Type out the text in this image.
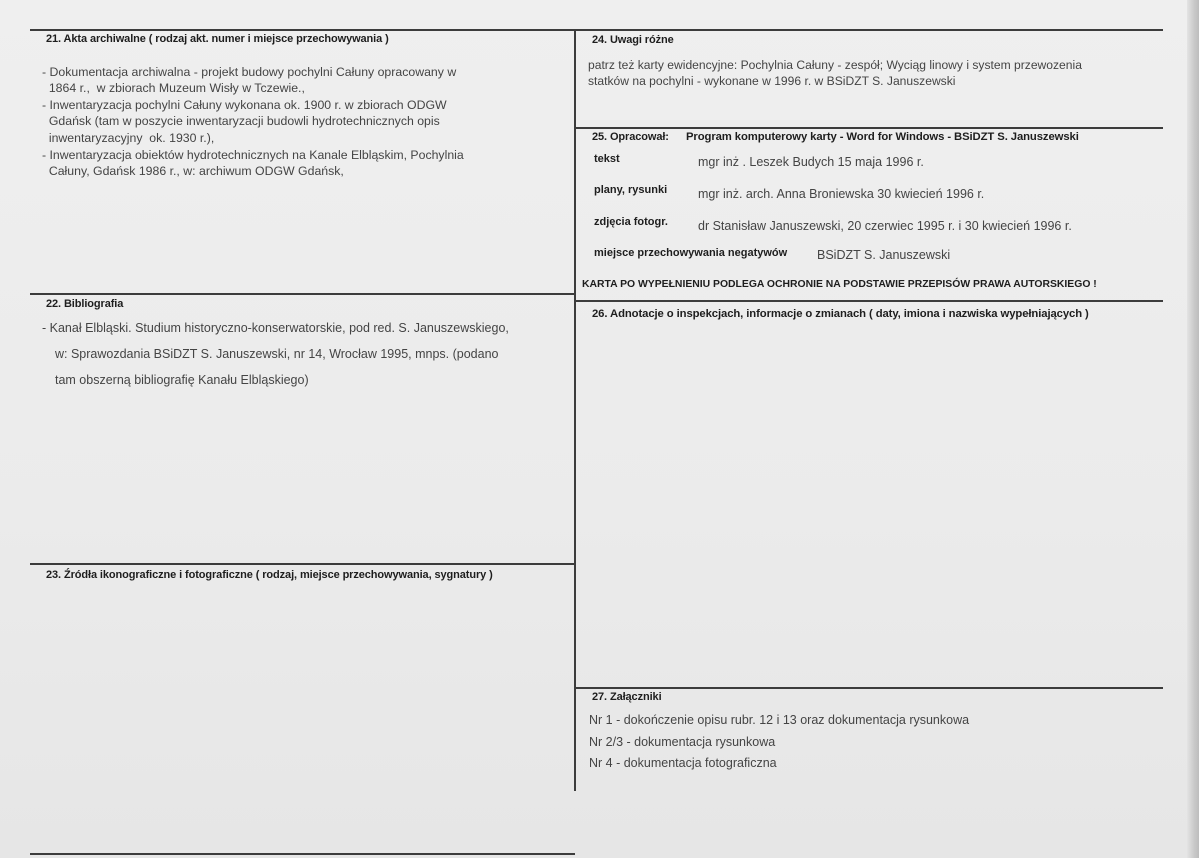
21. Akta archiwalne ( rodzaj akt. numer i miejsce przechowywania )

- Dokumentacja archiwalna - projekt budowy pochylni Całuny opracowany w
1864 r.,  w zbiorach Muzeum Wisły w Tczewie.,
- Inwentaryzacja pochylni Całuny wykonana ok. 1900 r. w zbiorach ODGW
Gdańsk (tam w poszycie inwentaryzacji budowli hydrotechnicznych opis
inwentaryzacyjny  ok. 1930 r.),
- Inwentaryzacja obiektów hydrotechnicznych na Kanale Elbląskim, Pochylnia
Całuny, Gdańsk 1986 r., w: archiwum ODGW Gdańsk,

22. Bibliografia
- Kanał Elbląski. Studium historyczno-konserwatorskie, pod red. S. Januszewskiego,
w: Sprawozdania BSiDZT S. Januszewski, nr 14, Wrocław 1995, mnps. (podano
tam obszerną bibliografię Kanału Elbląskiego)
23. Źródła ikonograficzne i fotograficzne ( rodzaj, miejsce przechowywania, sygnatury )
24. Uwagi różne
patrz też karty ewidencyjne: Pochylnia Całuny - zespół; Wyciąg linowy i system przewozenia
statków na pochylni - wykonane w 1996 r. w BSiDZT S. Januszewski
25. Opracował: Program komputerowy karty - Word for Windows - BSiDZT S. Januszewski
tekst	mgr inż . Leszek Budych 15 maja 1996 r.
plany, rysunki mgr inż. arch. Anna Broniewska 30 kwiecień 1996 r.
zdjęcia fotogr. dr Stanisław Januszewski, 20 czerwiec 1995 r. i 30 kwiecień 1996 r.
miejsce przechowywania negatywów BSiDZT S. Januszewski
KARTA PO WYPEŁNIENIU PODLEGA OCHRONIE NA PODSTAWIE PRZEPISÓW PRAWA AUTORSKIEGO !
26. Adnotacje o inspekcjach, informacje o zmianach ( daty, imiona i nazwiska wypełniających )
27. Załączniki
Nr 1 - dokończenie opisu rubr. 12 i 13 oraz dokumentacja rysunkowa
Nr 2/3 - dokumentacja rysunkowa
Nr 4 - dokumentacja fotograficzna
